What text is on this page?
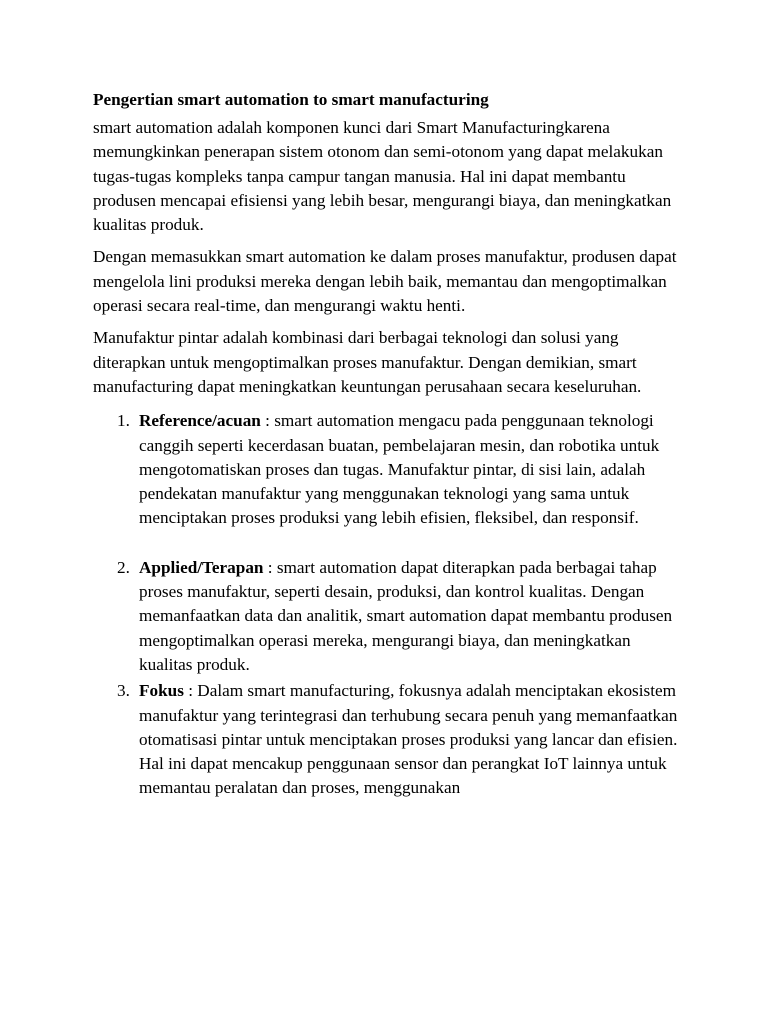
Pengertian smart automation to smart manufacturing

smart automation adalah komponen kunci dari Smart Manufacturingkarena memungkinkan penerapan sistem otonom dan semi-otonom yang dapat melakukan tugas-tugas kompleks tanpa campur tangan manusia. Hal ini dapat membantu produsen mencapai efisiensi yang lebih besar, mengurangi biaya, dan meningkatkan kualitas produk.

Dengan memasukkan smart automation ke dalam proses manufaktur, produsen dapat mengelola lini produksi mereka dengan lebih baik, memantau dan mengoptimalkan operasi secara real-time, dan mengurangi waktu henti.

Manufaktur pintar adalah kombinasi dari berbagai teknologi dan solusi yang diterapkan untuk mengoptimalkan proses manufaktur. Dengan demikian, smart manufacturing dapat meningkatkan keuntungan perusahaan secara keseluruhan.

1. Reference/acuan : smart automation mengacu pada penggunaan teknologi canggih seperti kecerdasan buatan, pembelajaran mesin, dan robotika untuk mengotomatiskan proses dan tugas. Manufaktur pintar, di sisi lain, adalah pendekatan manufaktur yang menggunakan teknologi yang sama untuk menciptakan proses produksi yang lebih efisien, fleksibel, dan responsif.
2. Applied/Terapan : smart automation dapat diterapkan pada berbagai tahap proses manufaktur, seperti desain, produksi, dan kontrol kualitas. Dengan memanfaatkan data dan analitik, smart automation dapat membantu produsen mengoptimalkan operasi mereka, mengurangi biaya, dan meningkatkan kualitas produk.
3. Fokus : Dalam smart manufacturing, fokusnya adalah menciptakan ekosistem manufaktur yang terintegrasi dan terhubung secara penuh yang memanfaatkan otomatisasi pintar untuk menciptakan proses produksi yang lancar dan efisien. Hal ini dapat mencakup penggunaan sensor dan perangkat IoT lainnya untuk memantau peralatan dan proses, menggunakan
